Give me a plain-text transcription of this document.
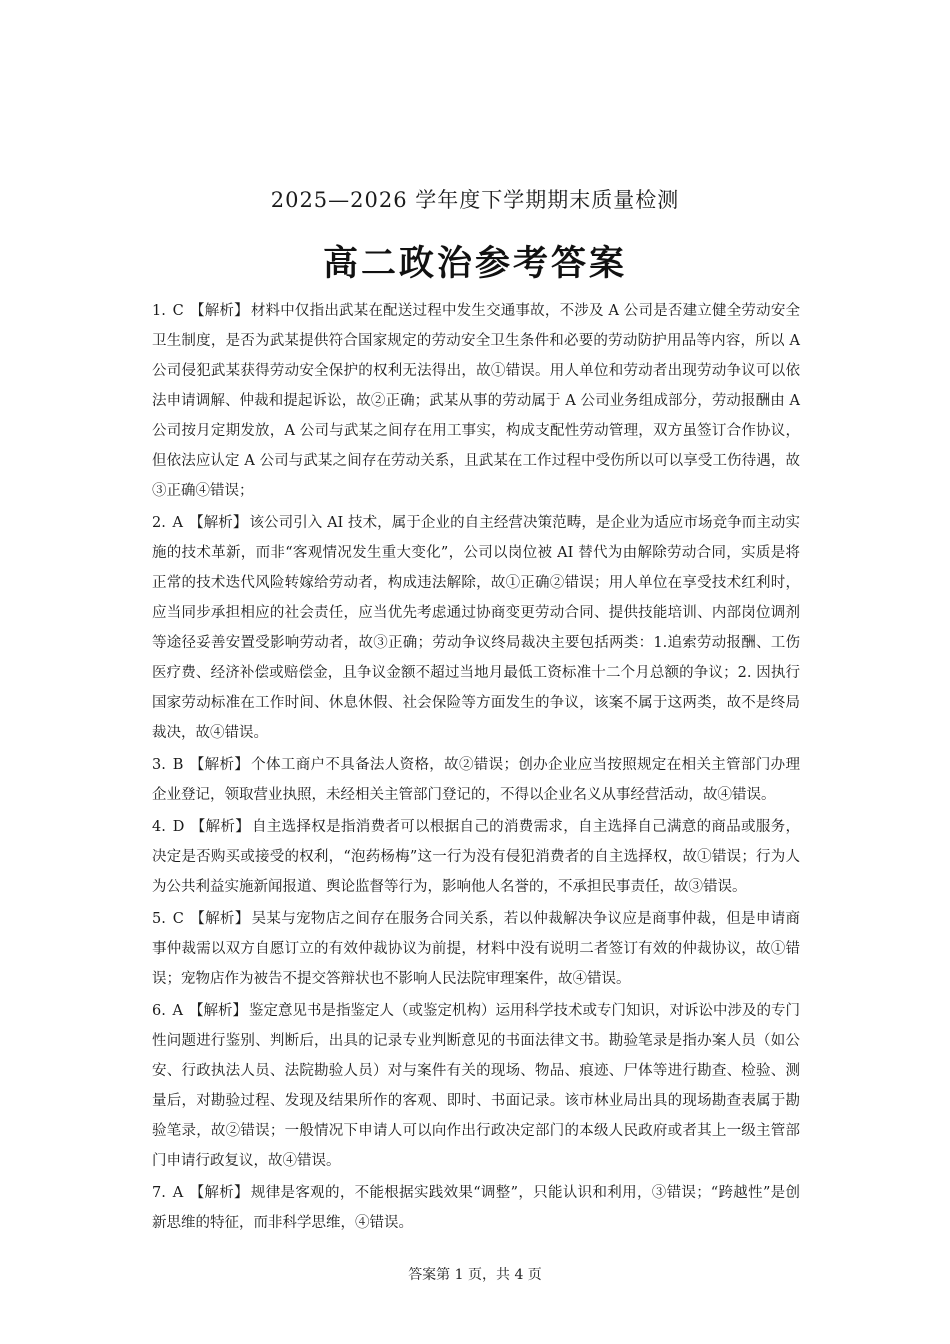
2025—2026 学年度下学期期末质量检测
高二政治参考答案
1. C 【解析】 材料中仅指出武某在配送过程中发生交通事故，不涉及 A 公司是否建立健全劳动安全卫生制度，是否为武某提供符合国家规定的劳动安全卫生条件和必要的劳动防护用品等内容，所以 A 公司侵犯武某获得劳动安全保护的权利无法得出，故①错误。用人单位和劳动者出现劳动争议可以依法申请调解、仲裁和提起诉讼，故②正确；武某从事的劳动属于 A 公司业务组成部分，劳动报酬由 A 公司按月定期发放，A 公司与武某之间存在用工事实，构成支配性劳动管理，双方虽签订合作协议，但依法应认定 A 公司与武某之间存在劳动关系，且武某在工作过程中受伤所以可以享受工伤待遇，故③正确④错误；
2. A 【解析】 该公司引入 AI 技术，属于企业的自主经营决策范畴，是企业为适应市场竞争而主动实施的技术革新，而非“客观情况发生重大变化”，公司以岗位被 AI 替代为由解除劳动合同，实质是将正常的技术迭代风险转嫁给劳动者，构成违法解除，故①正确②错误；用人单位在享受技术红利时，应当同步承担相应的社会责任，应当优先考虑通过协商变更劳动合同、提供技能培训、内部岗位调剂等途径妥善安置受影响劳动者，故③正确；劳动争议终局裁决主要包括两类：1.追索劳动报酬、工伤医疗费、经济补偿或赔偿金，且争议金额不超过当地月最低工资标准十二个月总额的争议；2. 因执行国家劳动标准在工作时间、休息休假、社会保险等方面发生的争议，该案不属于这两类，故不是终局裁决，故④错误。
3. B 【解析】 个体工商户不具备法人资格，故②错误；创办企业应当按照规定在相关主管部门办理企业登记，领取营业执照，未经相关主管部门登记的，不得以企业名义从事经营活动，故④错误。
4. D 【解析】 自主选择权是指消费者可以根据自己的消费需求，自主选择自己满意的商品或服务，决定是否购买或接受的权利，“泡药杨梅”这一行为没有侵犯消费者的自主选择权，故①错误；行为人为公共利益实施新闻报道、舆论监督等行为，影响他人名誉的，不承担民事责任，故③错误。
5. C 【解析】 吴某与宠物店之间存在服务合同关系，若以仲裁解决争议应是商事仲裁，但是申请商事仲裁需以双方自愿订立的有效仲裁协议为前提，材料中没有说明二者签订有效的仲裁协议，故①错误；宠物店作为被告不提交答辩状也不影响人民法院审理案件，故④错误。
6. A 【解析】 鉴定意见书是指鉴定人（或鉴定机构）运用科学技术或专门知识，对诉讼中涉及的专门性问题进行鉴别、判断后，出具的记录专业判断意见的书面法律文书。勘验笔录是指办案人员（如公安、行政执法人员、法院勘验人员）对与案件有关的现场、物品、痕迹、尸体等进行勘查、检验、测量后，对勘验过程、发现及结果所作的客观、即时、书面记录。该市林业局出具的现场勘查表属于勘验笔录，故②错误；一般情况下申请人可以向作出行政决定部门的本级人民政府或者其上一级主管部门申请行政复议，故④错误。
7. A 【解析】 规律是客观的，不能根据实践效果“调整”，只能认识和利用，③错误；“跨越性”是创新思维的特征，而非科学思维，④错误。
答案第 1 页，共 4 页
